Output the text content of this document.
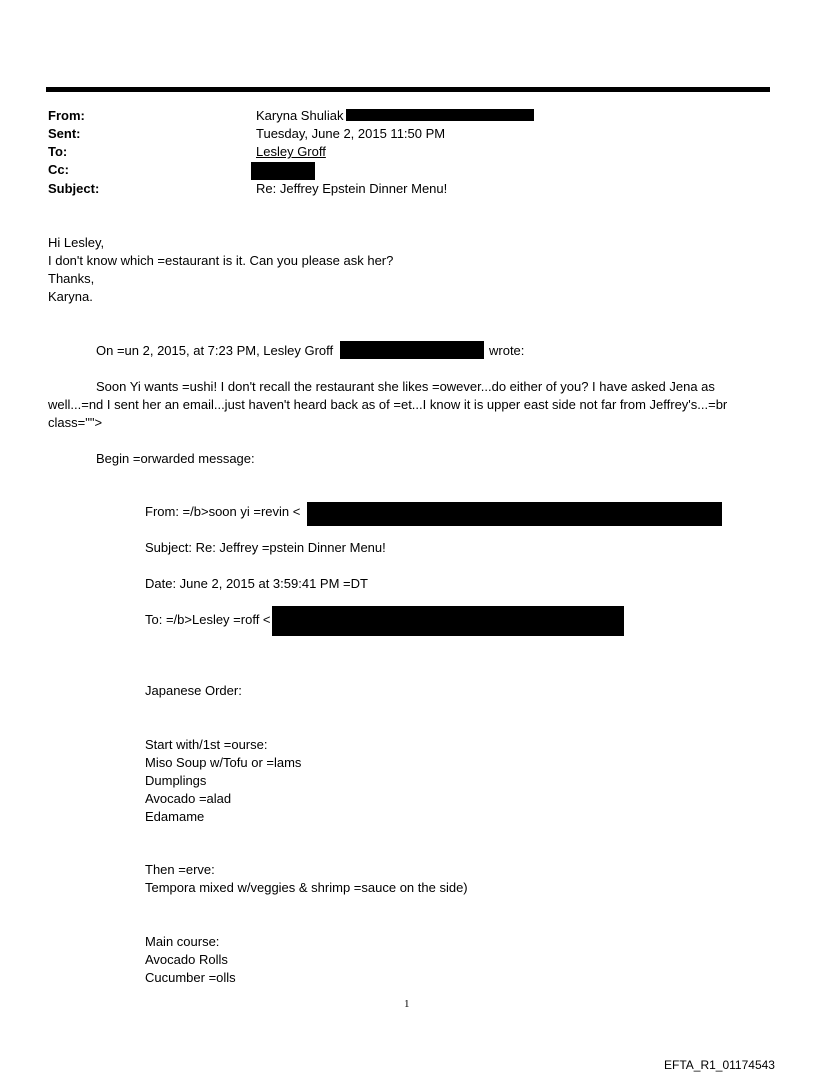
From:	Karyna Shuliak
Sent:	Tuesday, June 2, 2015 11:50 PM
To:	Lesley Groff
Cc:
Subject:	Re: Jeffrey Epstein Dinner Menu!
Hi Lesley,
I don't know which =estaurant is it. Can you please ask her?
Thanks,
Karyna.
On =un 2, 2015, at 7:23 PM, Lesley Groff	wrote:
Soon Yi wants =ushi! I don't recall the restaurant she likes =owever...do either of you? I have asked Jena as
well...=nd I sent her an email...just haven't heard back as of =et...I know it is upper east side not far from Jeffrey's...=br
class="">
Begin =orwarded message:
From: =/b>soon yi =revin <
Subject: Re: Jeffrey =pstein Dinner Menu!
Date: June 2, 2015 at 3:59:41 PM =DT
To: =/b>Lesley =roff <
Japanese Order:
Start with/1st =ourse:
Miso Soup w/Tofu or =lams
Dumplings
Avocado =alad
Edamame
Then =erve:
Tempora mixed w/veggies & shrimp =sauce on the side)
Main course:
Avocado Rolls
Cucumber =olls
1
EFTA_R1_01174543
